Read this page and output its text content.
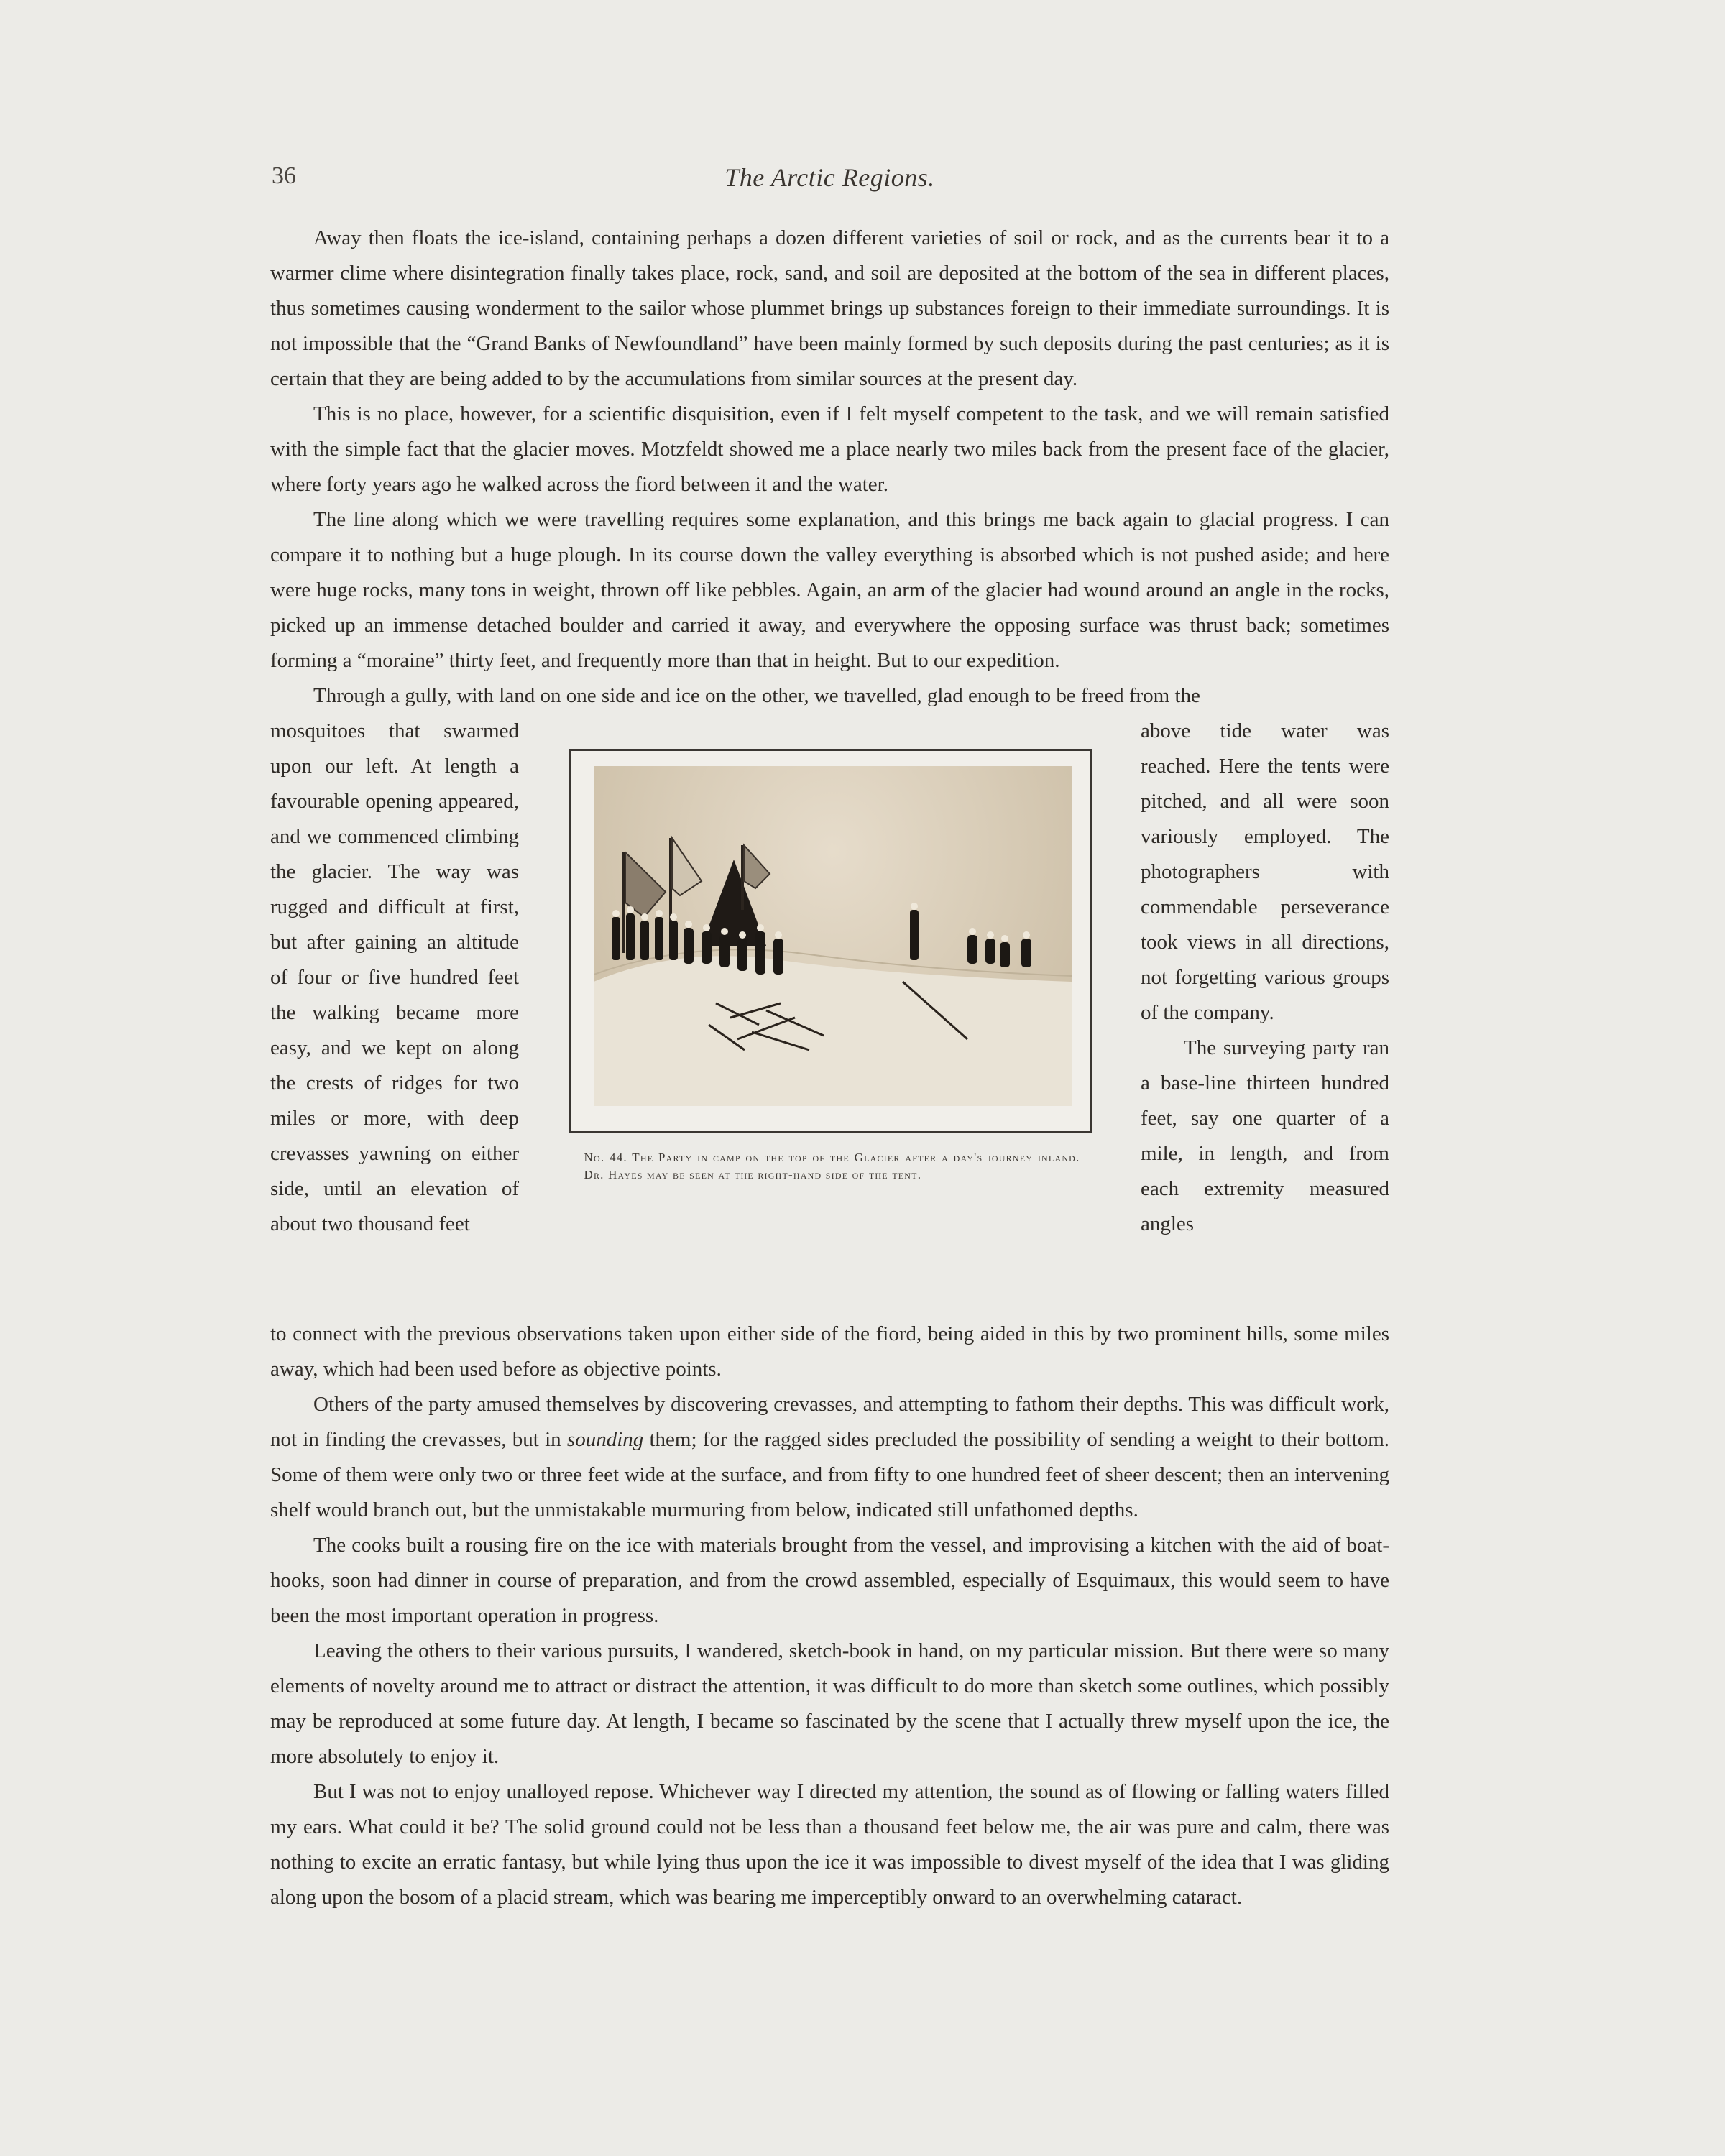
36	The Arctic Regions.

Away then floats the ice-island, containing perhaps a dozen different varieties of soil or rock, and as the currents bear it to a warmer clime where disintegration finally takes place, rock, sand, and soil are deposited at the bottom of the sea in different places, thus sometimes causing wonderment to the sailor whose plummet brings up substances foreign to their immediate surroundings. It is not impossible that the “Grand Banks of Newfoundland” have been mainly formed by such deposits during the past centuries; as it is certain that they are being added to by the accumulations from similar sources at the present day.

This is no place, however, for a scientific disquisition, even if I felt myself competent to the task, and we will remain satisfied with the simple fact that the glacier moves. Motzfeldt showed me a place nearly two miles back from the present face of the glacier, where forty years ago he walked across the fiord between it and the water.

The line along which we were travelling requires some explanation, and this brings me back again to glacial progress. I can compare it to nothing but a huge plough. In its course down the valley everything is absorbed which is not pushed aside; and here were huge rocks, many tons in weight, thrown off like pebbles. Again, an arm of the glacier had wound around an angle in the rocks, picked up an immense detached boulder and carried it away, and everywhere the opposing surface was thrust back; sometimes forming a “moraine” thirty feet, and frequently more than that in height. But to our expedition.

Through a gully, with land on one side and ice on the other, we travelled, glad enough to be freed from the

mosquitoes that swarmed upon our left. At length a favourable opening appeared, and we commenced climbing the glacier. The way was rugged and difficult at first, but after gaining an altitude of four or five hundred feet the walking became more easy, and we kept on along the crests of ridges for two miles or more, with deep crevasses yawning on either side, until an elevation of about two thousand feet
No. 44. The Party in camp on the top of the Glacier after a day's journey inland. Dr. Hayes may be seen at the right-hand side of the tent.

above tide water was reached. Here the tents were pitched, and all were soon variously employed. The photographers with commendable perseverance took views in all directions, not forgetting various groups of the company.

The surveying party ran a base-line thirteen hundred feet, say one quarter of a mile, in length, and from each extremity measured angles

to connect with the previous observations taken upon either side of the fiord, being aided in this by two prominent hills, some miles away, which had been used before as objective points.

Others of the party amused themselves by discovering crevasses, and attempting to fathom their depths. This was difficult work, not in finding the crevasses, but in sounding them; for the ragged sides precluded the possibility of sending a weight to their bottom. Some of them were only two or three feet wide at the surface, and from fifty to one hundred feet of sheer descent; then an intervening shelf would branch out, but the unmistakable murmuring from below, indicated still unfathomed depths.

The cooks built a rousing fire on the ice with materials brought from the vessel, and improvising a kitchen with the aid of boat-hooks, soon had dinner in course of preparation, and from the crowd assembled, especially of Esquimaux, this would seem to have been the most important operation in progress.

Leaving the others to their various pursuits, I wandered, sketch-book in hand, on my particular mission. But there were so many elements of novelty around me to attract or distract the attention, it was difficult to do more than sketch some outlines, which possibly may be reproduced at some future day. At length, I became so fascinated by the scene that I actually threw myself upon the ice, the more absolutely to enjoy it.

But I was not to enjoy unalloyed repose. Whichever way I directed my attention, the sound as of flowing or falling waters filled my ears. What could it be? The solid ground could not be less than a thousand feet below me, the air was pure and calm, there was nothing to excite an erratic fantasy, but while lying thus upon the ice it was impossible to divest myself of the idea that I was gliding along upon the bosom of a placid stream, which was bearing me imperceptibly onward to an overwhelming cataract.
